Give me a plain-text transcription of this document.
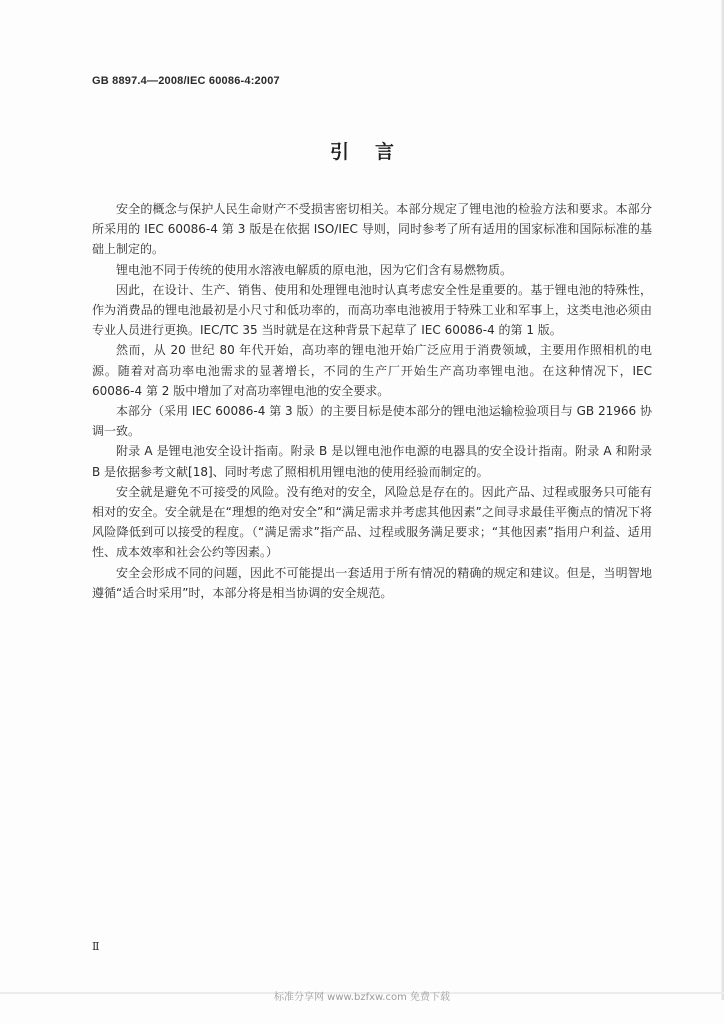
GB 8897.4—2008/IEC 60086-4:2007
引言

安全的概念与保护人民生命财产不受损害密切相关。本部分规定了锂电池的检验方法和要求。本部分所采用的 IEC 60086-4 第 3 版是在依据 ISO/IEC 导则，同时参考了所有适用的国家标准和国际标准的基础上制定的。

锂电池不同于传统的使用水溶液电解质的原电池，因为它们含有易燃物质。

因此，在设计、生产、销售、使用和处理锂电池时认真考虑安全性是重要的。基于锂电池的特殊性，作为消费品的锂电池最初是小尺寸和低功率的，而高功率电池被用于特殊工业和军事上，这类电池必须由专业人员进行更换。IEC/TC 35 当时就是在这种背景下起草了 IEC 60086-4 的第 1 版。

然而，从 20 世纪 80 年代开始，高功率的锂电池开始广泛应用于消费领域，主要用作照相机的电源。随着对高功率电池需求的显著增长，不同的生产厂开始生产高功率锂电池。在这种情况下，IEC 60086-4 第 2 版中增加了对高功率锂电池的安全要求。

本部分（采用 IEC 60086-4 第 3 版）的主要目标是使本部分的锂电池运输检验项目与 GB 21966 协调一致。

附录 A 是锂电池安全设计指南。附录 B 是以锂电池作电源的电器具的安全设计指南。附录 A 和附录 B 是依据参考文献[18]、同时考虑了照相机用锂电池的使用经验而制定的。

安全就是避免不可接受的风险。没有绝对的安全，风险总是存在的。因此产品、过程或服务只可能有相对的安全。安全就是在“理想的绝对安全”和“满足需求并考虑其他因素”之间寻求最佳平衡点的情况下将风险降低到可以接受的程度。（“满足需求”指产品、过程或服务满足要求；“其他因素”指用户利益、适用性、成本效率和社会公约等因素。）

安全会形成不同的问题，因此不可能提出一套适用于所有情况的精确的规定和建议。但是，当明智地遵循“适合时采用”时，本部分将是相当协调的安全规范。

Ⅱ
标准分享网 www.bzfxw.com 免费下载
